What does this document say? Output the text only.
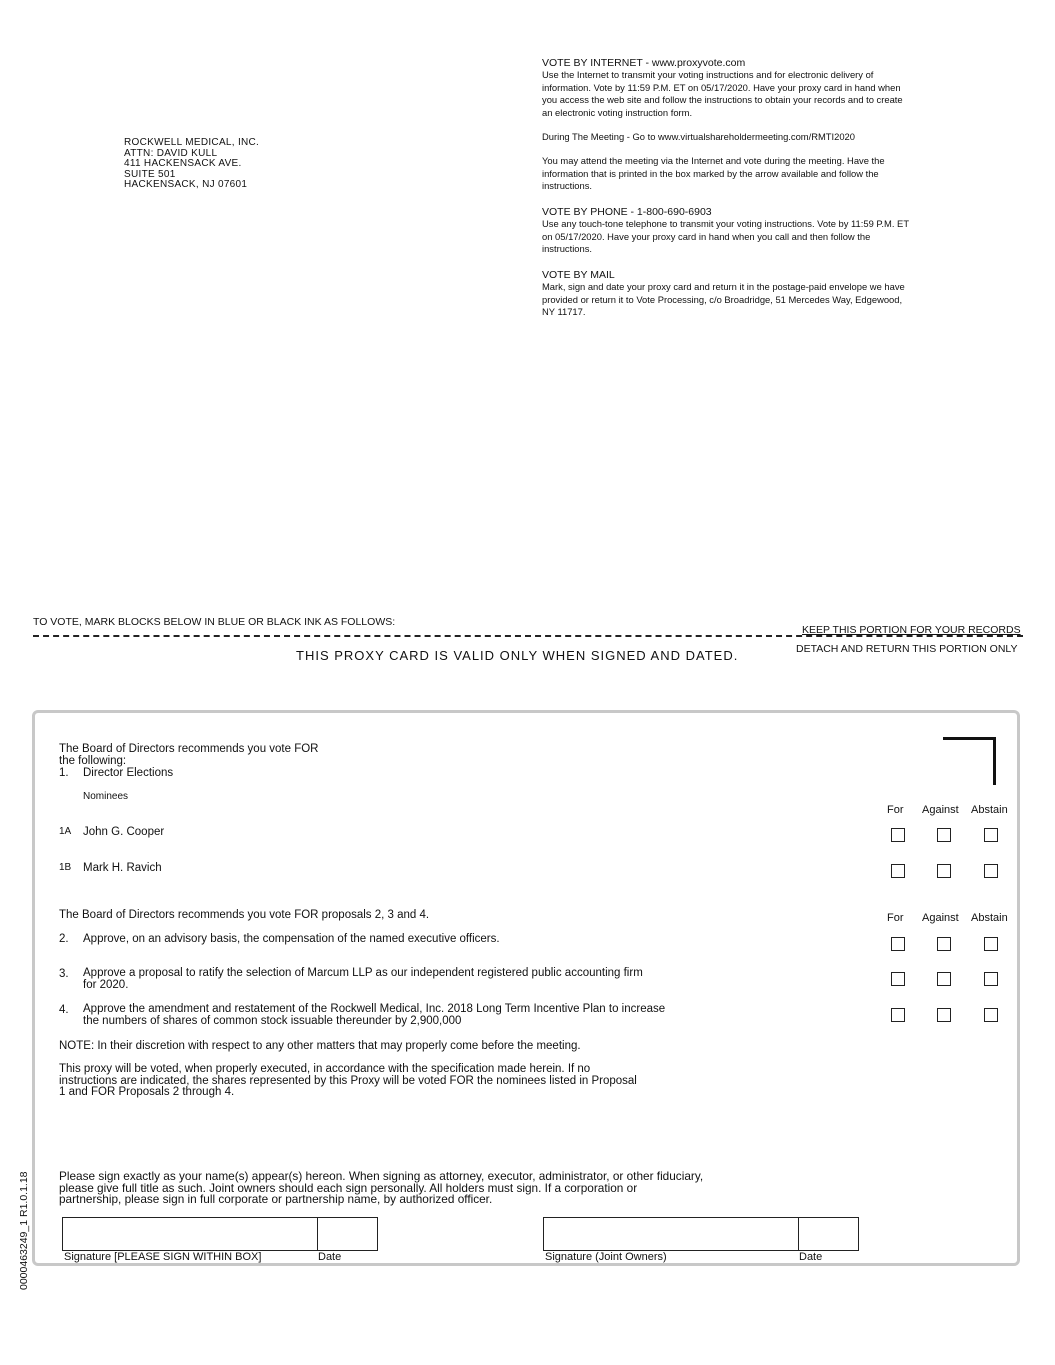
ROCKWELL MEDICAL, INC.
ATTN: DAVID KULL
411 HACKENSACK AVE.
SUITE 501
HACKENSACK, NJ 07601

VOTE BY INTERNET - www.proxyvote.com

Use the Internet to transmit your voting instructions and for electronic delivery of

information. Vote by 11:59 P.M. ET on 05/17/2020. Have your proxy card in hand when

you access the web site and follow the instructions to obtain your records and to create

an electronic voting instruction form.

During The Meeting - Go to www.virtualshareholdermeeting.com/RMTI2020

You may attend the meeting via the Internet and vote during the meeting. Have the

information that is printed in the box marked by the arrow available and follow the

instructions.

VOTE BY PHONE - 1-800-690-6903

Use any touch-tone telephone to transmit your voting instructions. Vote by 11:59 P.M. ET

on 05/17/2020. Have your proxy card in hand when you call and then follow the

instructions.

VOTE BY MAIL

Mark, sign and date your proxy card and return it in the postage-paid envelope we have

provided or return it to Vote Processing, c/o Broadridge, 51 Mercedes Way, Edgewood,

NY 11717.

TO VOTE, MARK BLOCKS BELOW IN BLUE OR BLACK INK AS FOLLOWS:
KEEP THIS PORTION FOR YOUR RECORDS
DETACH AND RETURN THIS PORTION ONLY
THIS PROXY CARD IS VALID ONLY WHEN SIGNED AND DATED.
The Board of Directors recommends you vote FOR
the following:
1. Director Elections
Nominees
For Against Abstain
1A John G. Cooper
1B Mark H. Ravich
The Board of Directors recommends you vote FOR proposals 2, 3 and 4.	For Against Abstain
2. Approve, on an advisory basis, the compensation of the named executive officers.
3. Approve a proposal to ratify the selection of Marcum LLP as our independent registered public accounting firm
for 2020.
4. Approve the amendment and restatement of the Rockwell Medical, Inc. 2018 Long Term Incentive Plan to increase
the numbers of shares of common stock issuable thereunder by 2,900,000
NOTE: In their discretion with respect to any other matters that may properly come before the meeting.
This proxy will be voted, when properly executed, in accordance with the specification made herein. If no
instructions are indicated, the shares represented by this Proxy will be voted FOR the nominees listed in Proposal
1 and FOR Proposals 2 through 4.
Please sign exactly as your name(s) appear(s) hereon. When signing as attorney, executor, administrator, or other fiduciary,
please give full title as such. Joint owners should each sign personally. All holders must sign. If a corporation or
partnership, please sign in full corporate or partnership name, by authorized officer.
Signature [PLEASE SIGN WITHIN BOX]	Date	Signature (Joint Owners)	Date
0000463249_1 R1.0.1.18
